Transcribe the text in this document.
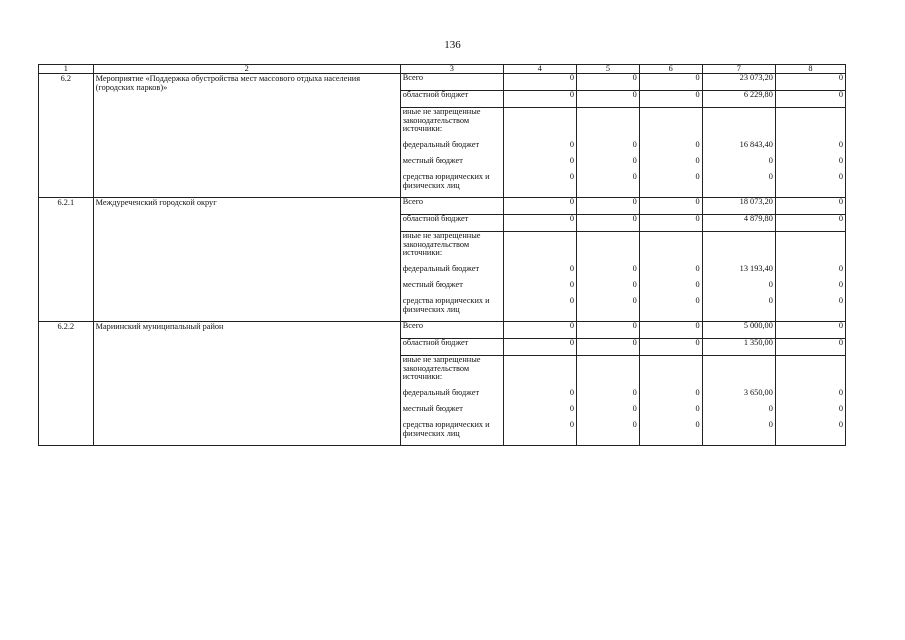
136
1	2	3	4	5	6	7	8
6.2	Мероприятие «Поддержка обустройства мест массового отдыха населения (городских парков)»	Всего	0	0	0	23 073,20	0
		областной бюджет	0	0	0	6 229,80	0
		иные не запрещенные законодательством источники:					
		федеральный бюджет	0	0	0	16 843,40	0
		местный бюджет	0	0	0	0	0
		средства юридических и физических лиц	0	0	0	0	0
6.2.1	Междуреченский городской округ	Всего	0	0	0	18 073,20	0
		областной бюджет	0	0	0	4 879,80	0
		иные не запрещенные законодательством источники:					
		федеральный бюджет	0	0	0	13 193,40	0
		местный бюджет	0	0	0	0	0
		средства юридических и физических лиц	0	0	0	0	0
6.2.2	Мариинский муниципальный район	Всего	0	0	0	5 000,00	0
		областной бюджет	0	0	0	1 350,00	0
		иные не запрещенные законодательством источники:					
		федеральный бюджет	0	0	0	3 650,00	0
		местный бюджет	0	0	0	0	0
		средства юридических и физических лиц	0	0	0	0	0
